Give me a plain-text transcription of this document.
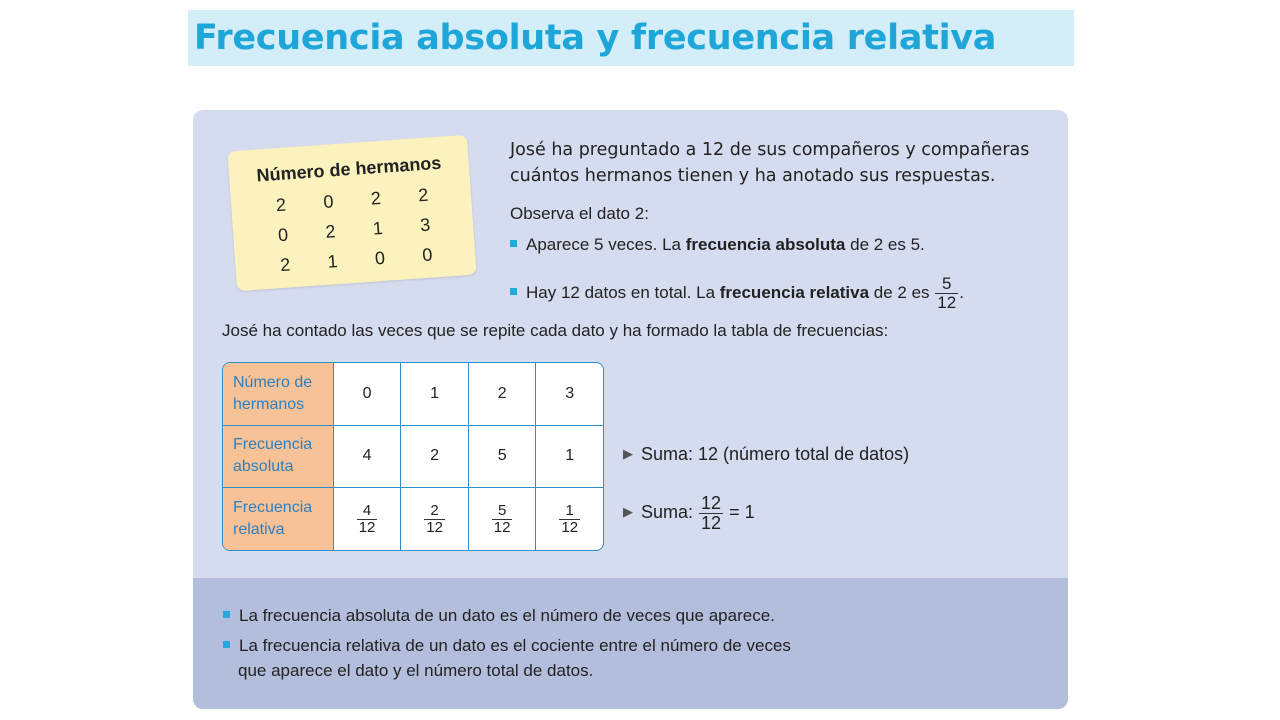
Frecuencia absoluta y frecuencia relativa
Número de hermanos
2	0	2	2
0	2	1	3
2	1	0	0
José ha preguntado a 12 de sus compañeros y compañeras cuántos hermanos tienen y ha anotado sus respuestas.
Observa el dato 2:
Aparece 5 veces. La frecuencia absoluta de 2 es 5.
Hay 12 datos en total. La frecuencia relativa de 2 es $\frac{5}{12}$ .
José ha contado las veces que se repite cada dato y ha formado la tabla de frecuencias:
Número de hermanos	0	1	2	3
Frecuencia absoluta	4	2	5	1
Frecuencia relativa	$\frac{4}{12}$	$\frac{2}{12}$	$\frac{5}{12}$	$\frac{1}{12}$
▶ Suma: 12 (número total de datos)
▶ Suma: $\frac{12}{12} = 1$
La frecuencia absoluta de un dato es el número de veces que aparece.
La frecuencia relativa de un dato es el cociente entre el número de veces
que aparece el dato y el número total de datos.
